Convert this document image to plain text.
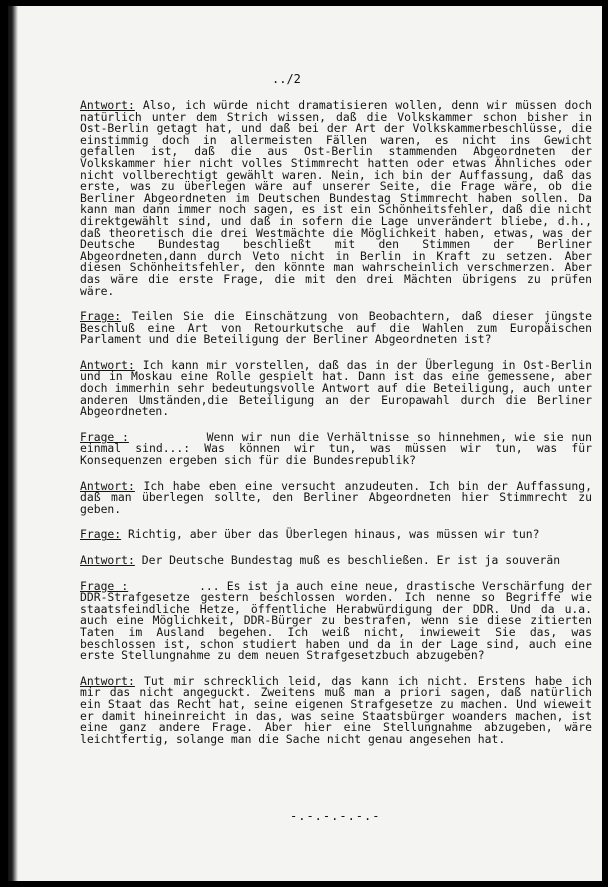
../2

Antwort: Also, ich würde nicht dramatisieren wollen, denn wir müssen doch natürlich unter dem Strich wissen, daß die Volkskammer schon bisher in Ost-Berlin getagt hat, und daß bei der Art der Volkskammerbeschlüsse, die einstimmig doch in allermeisten Fällen waren, es nicht ins Gewicht gefallen ist, daß die aus Ost-Berlin stammenden Abgeordneten der Volkskammer hier nicht volles Stimmrecht hatten oder etwas Ähnliches oder nicht vollberechtigt gewählt waren. Nein, ich bin der Auffassung, daß das erste, was zu überlegen wäre auf unserer Seite, die Frage wäre, ob die Berliner Abgeordneten im Deutschen Bundestag Stimmrecht haben sollen. Da kann man dann immer noch sagen, es ist ein Schönheitsfehler, daß die nicht direktgewählt sind, und daß in sofern die Lage unverändert bliebe, d.h., daß theoretisch die drei Westmächte die Möglichkeit haben, etwas, was der Deutsche Bundestag beschließt mit den Stimmen der Berliner Abgeordneten,dann durch Veto nicht in Berlin in Kraft zu setzen. Aber diesen Schönheitsfehler, den könnte man wahrscheinlich verschmerzen. Aber das wäre die erste Frage, die mit den drei Mächten übrigens zu prüfen wäre.

Frage: Teilen Sie die Einschätzung von Beobachtern, daß dieser jüngste Beschluß eine Art von Retourkutsche auf die Wahlen zum Europäischen Parlament und die Beteiligung der Berliner Abgeordneten ist?

Antwort: Ich kann mir vorstellen, daß das in der Überlegung in Ost-Berlin und in Moskau eine Rolle gespielt hat. Dann ist das eine gemessene, aber doch immerhin sehr bedeutungsvolle Antwort auf die Beteiligung, auch unter anderen Umständen,die Beteiligung an der Europawahl durch die Berliner Abgeordneten.

Frage :          Wenn wir nun die Verhältnisse so hinnehmen, wie sie nun einmal sind...: Was können wir tun, was müssen wir tun, was für Konsequenzen ergeben sich für die Bundesrepublik?

Antwort: Ich habe eben eine versucht anzudeuten. Ich bin der Auffassung, daß man überlegen sollte, den Berliner Abgeordneten hier Stimmrecht zu geben.

Frage: Richtig, aber über das Überlegen hinaus, was müssen wir tun?

Antwort: Der Deutsche Bundestag muß es beschließen. Er ist ja souverän

Frage :          ... Es ist ja auch eine neue, drastische Verschärfung der DDR-Strafgesetze gestern beschlossen worden. Ich nenne so Begriffe wie staatsfeindliche Hetze, öffentliche Herabwürdigung der DDR. Und da u.a. auch eine Möglichkeit, DDR-Bürger zu bestrafen, wenn sie diese zitierten Taten im Ausland begehen. Ich weiß nicht, inwieweit Sie das, was beschlossen ist, schon studiert haben und da in der Lage sind, auch eine erste Stellungnahme zu dem neuen Strafgesetzbuch abzugeben?

Antwort: Tut mir schrecklich leid, das kann ich nicht. Erstens habe ich mir das nicht angeguckt. Zweitens muß man a priori sagen, daß natürlich ein Staat das Recht hat, seine eigenen Strafgesetze zu machen. Und wieweit er damit hineinreicht in das, was seine Staatsbürger woanders machen, ist eine ganz andere Frage. Aber hier eine Stellungnahme abzugeben, wäre leichtfertig, solange man die Sache nicht genau angesehen hat.

-.-.-.-.-.-
